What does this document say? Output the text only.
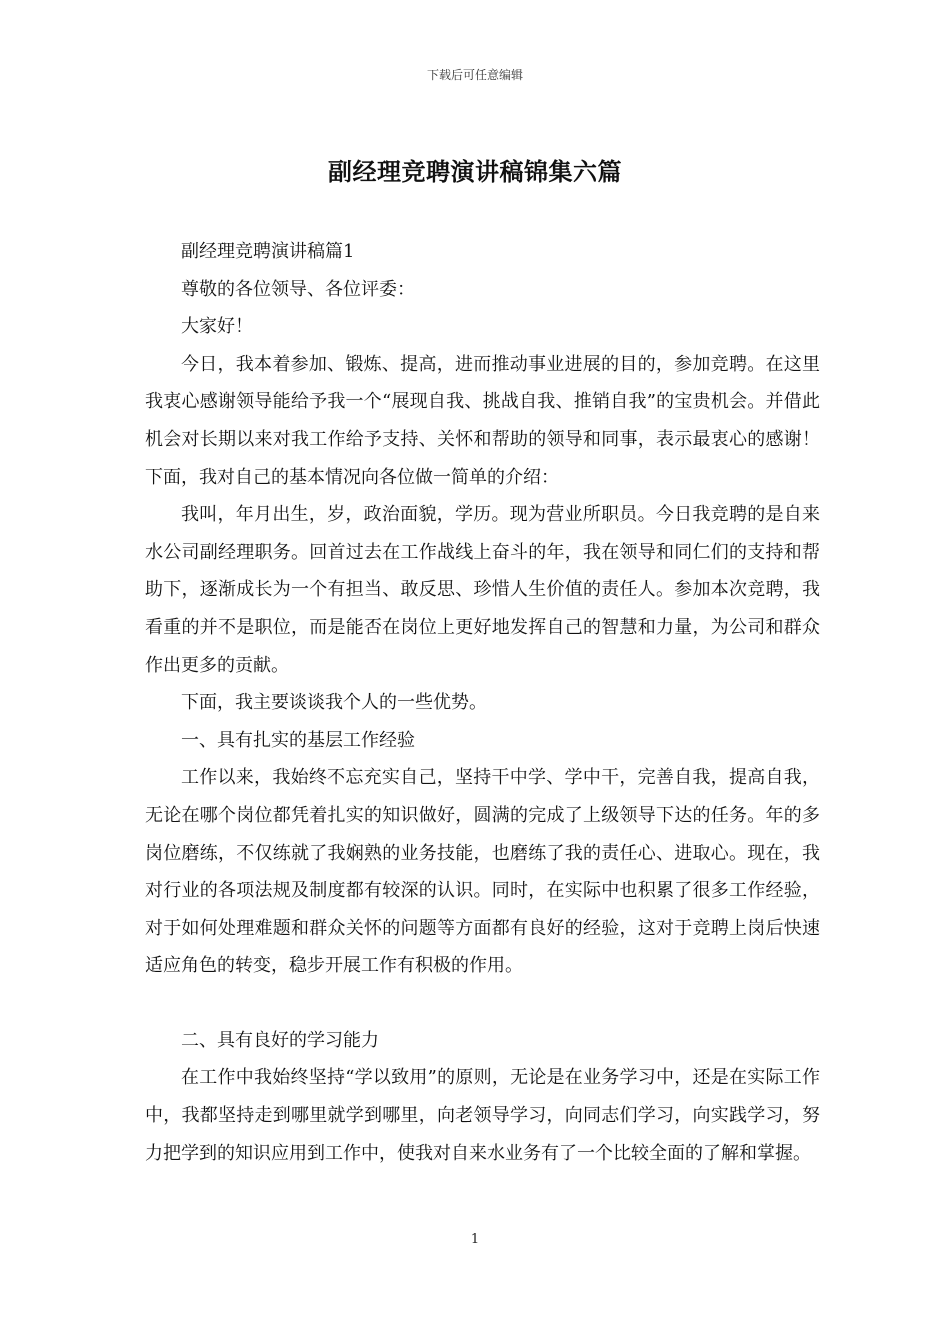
下载后可任意编辑
副经理竞聘演讲稿锦集六篇

副经理竞聘演讲稿篇1

尊敬的各位领导、各位评委：

大家好！

今日，我本着参加、锻炼、提高，进而推动事业进展的目的，参加竞聘。在这里我衷心感谢领导能给予我一个“展现自我、挑战自我、推销自我”的宝贵机会。并借此机会对长期以来对我工作给予支持、关怀和帮助的领导和同事，表示最衷心的感谢！下面，我对自己的基本情况向各位做一简单的介绍：

我叫，年月出生，岁，政治面貌，学历。现为营业所职员。今日我竞聘的是自来水公司副经理职务。回首过去在工作战线上奋斗的年，我在领导和同仁们的支持和帮助下，逐渐成长为一个有担当、敢反思、珍惜人生价值的责任人。参加本次竞聘，我看重的并不是职位，而是能否在岗位上更好地发挥自己的智慧和力量，为公司和群众作出更多的贡献。

下面，我主要谈谈我个人的一些优势。

一、具有扎实的基层工作经验

工作以来，我始终不忘充实自己，坚持干中学、学中干，完善自我，提高自我，无论在哪个岗位都凭着扎实的知识做好，圆满的完成了上级领导下达的任务。年的多岗位磨练，不仅练就了我娴熟的业务技能，也磨练了我的责任心、进取心。现在，我对行业的各项法规及制度都有较深的认识。同时，在实际中也积累了很多工作经验，对于如何处理难题和群众关怀的问题等方面都有良好的经验，这对于竞聘上岗后快速适应角色的转变，稳步开展工作有积极的作用。

二、具有良好的学习能力

在工作中我始终坚持“学以致用”的原则，无论是在业务学习中，还是在实际工作中，我都坚持走到哪里就学到哪里，向老领导学习，向同志们学习，向实践学习，努力把学到的知识应用到工作中，使我对自来水业务有了一个比较全面的了解和掌握。

1
